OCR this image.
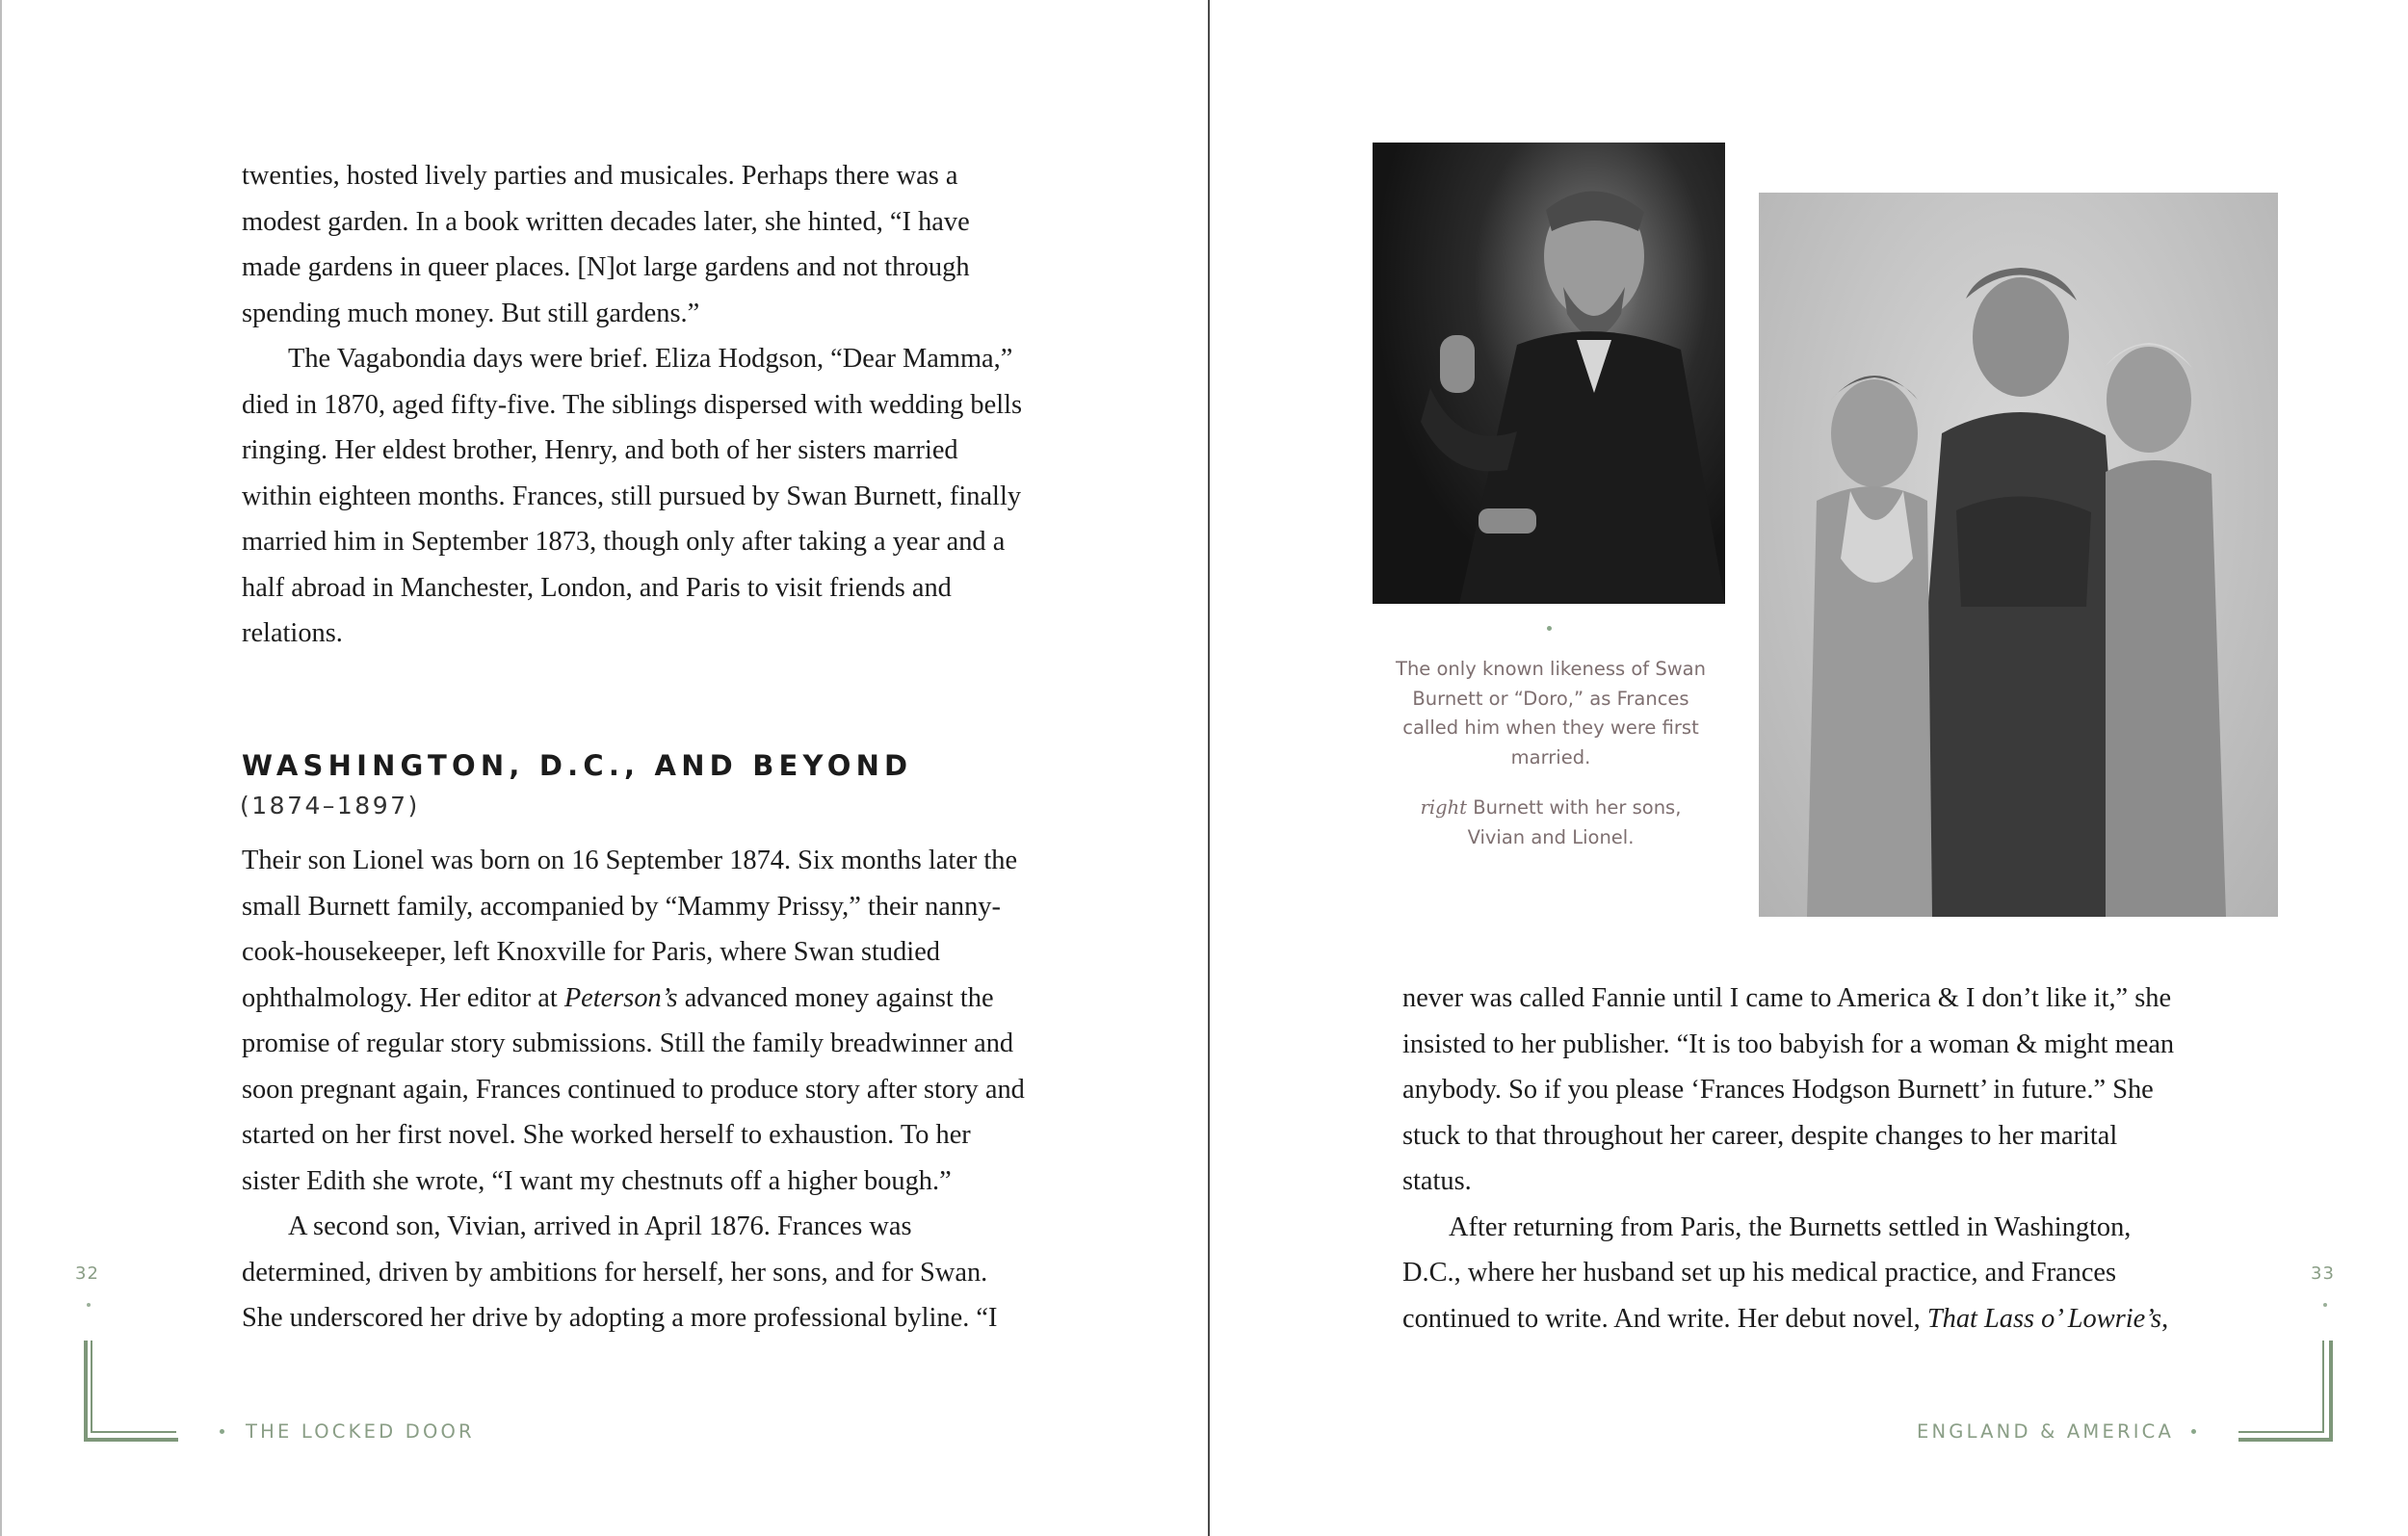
twenties, hosted lively parties and musicales. Perhaps there was a modest garden. In a book written decades later, she hinted, “I have made gardens in queer places. [N]ot large gardens and not through spending much money. But still gardens.”

The Vagabondia days were brief. Eliza Hodgson, “Dear Mamma,” died in 1870, aged fifty-five. The siblings dispersed with wedding bells ringing. Her eldest brother, Henry, and both of her sisters married within eighteen months. Frances, still pursued by Swan Burnett, finally married him in September 1873, though only after taking a year and a half abroad in Manchester, London, and Paris to visit friends and relations.

WASHINGTON, D.C., AND BEYOND
(1874–1897)

Their son Lionel was born on 16 September 1874. Six months later the small Burnett family, accompanied by “Mammy Prissy,” their nanny-cook-housekeeper, left Knoxville for Paris, where Swan studied ophthalmology. Her editor at Peterson’s advanced money against the promise of regular story submissions. Still the family breadwinner and soon pregnant again, Frances continued to produce story after story and started on her first novel. She worked herself to exhaustion. To her sister Edith she wrote, “I want my chestnuts off a higher bough.”

A second son, Vivian, arrived in April 1876. Frances was determined, driven by ambitions for herself, her sons, and for Swan. She underscored her drive by adopting a more professional byline. “I

32
THE LOCKED DOOR
The only known likeness of Swan Burnett or “Doro,” as Frances called him when they were first married.
right Burnett with her sons, Vivian and Lionel.

never was called Fannie until I came to America & I don’t like it,” she insisted to her publisher. “It is too babyish for a woman & might mean anybody. So if you please ‘Frances Hodgson Burnett’ in future.” She stuck to that throughout her career, despite changes to her marital status.

After returning from Paris, the Burnetts settled in Washington, D.C., where her husband set up his medical practice, and Frances continued to write. And write. Her debut novel, That Lass o’ Lowrie’s,

33
ENGLAND & AMERICA
